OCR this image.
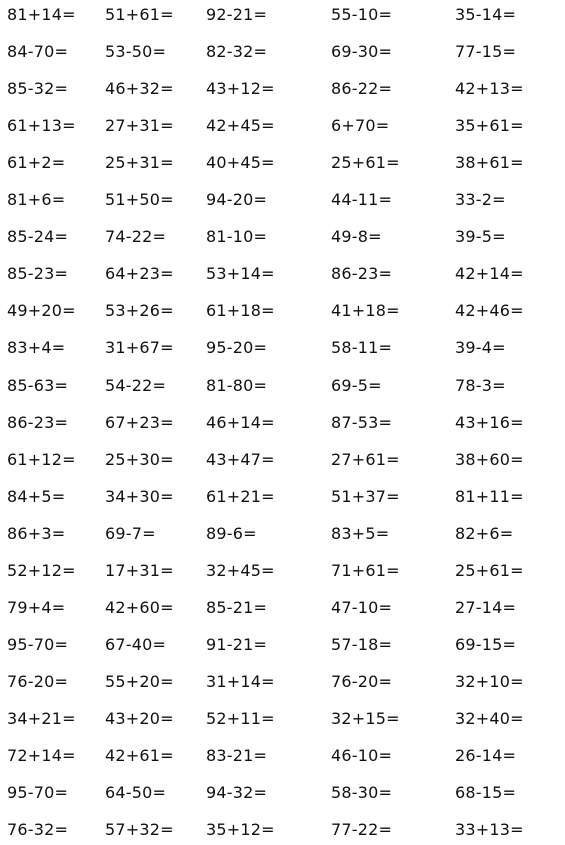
81+14= 51+61= 92-21=	55-10=	35-14=
84-70= 53-50= 82-32=	69-30=	77-15=
85-32= 46+32= 43+12=	86-22=	42+13=
61+13= 27+31= 42+45=	6+70=	35+61=
61+2= 25+31= 40+45=	25+61=	38+61=
81+6= 51+50= 94-20=	44-11=	33-2=
85-24= 74-22= 81-10=	49-8=	39-5=
85-23= 64+23= 53+14=	86-23=	42+14=
49+20= 53+26= 61+18=	41+18=	42+46=
83+4= 31+67= 95-20=	58-11=	39-4=
85-63= 54-22= 81-80=	69-5=	78-3=
86-23= 67+23= 46+14=	87-53=	43+16=
61+12= 25+30= 43+47=	27+61=	38+60=
84+5= 34+30= 61+21=	51+37=	81+11=
86+3= 69-7=	89-6=	83+5=	82+6=
52+12= 17+31= 32+45=	71+61=	25+61=
79+4= 42+60= 85-21=	47-10=	27-14=
95-70= 67-40= 91-21=	57-18=	69-15=
76-20= 55+20= 31+14=	76-20=	32+10=
34+21= 43+20= 52+11=	32+15=	32+40=
72+14= 42+61= 83-21=	46-10=	26-14=
95-70= 64-50= 94-32=	58-30=	68-15=
76-32= 57+32= 35+12=	77-22=	33+13=
